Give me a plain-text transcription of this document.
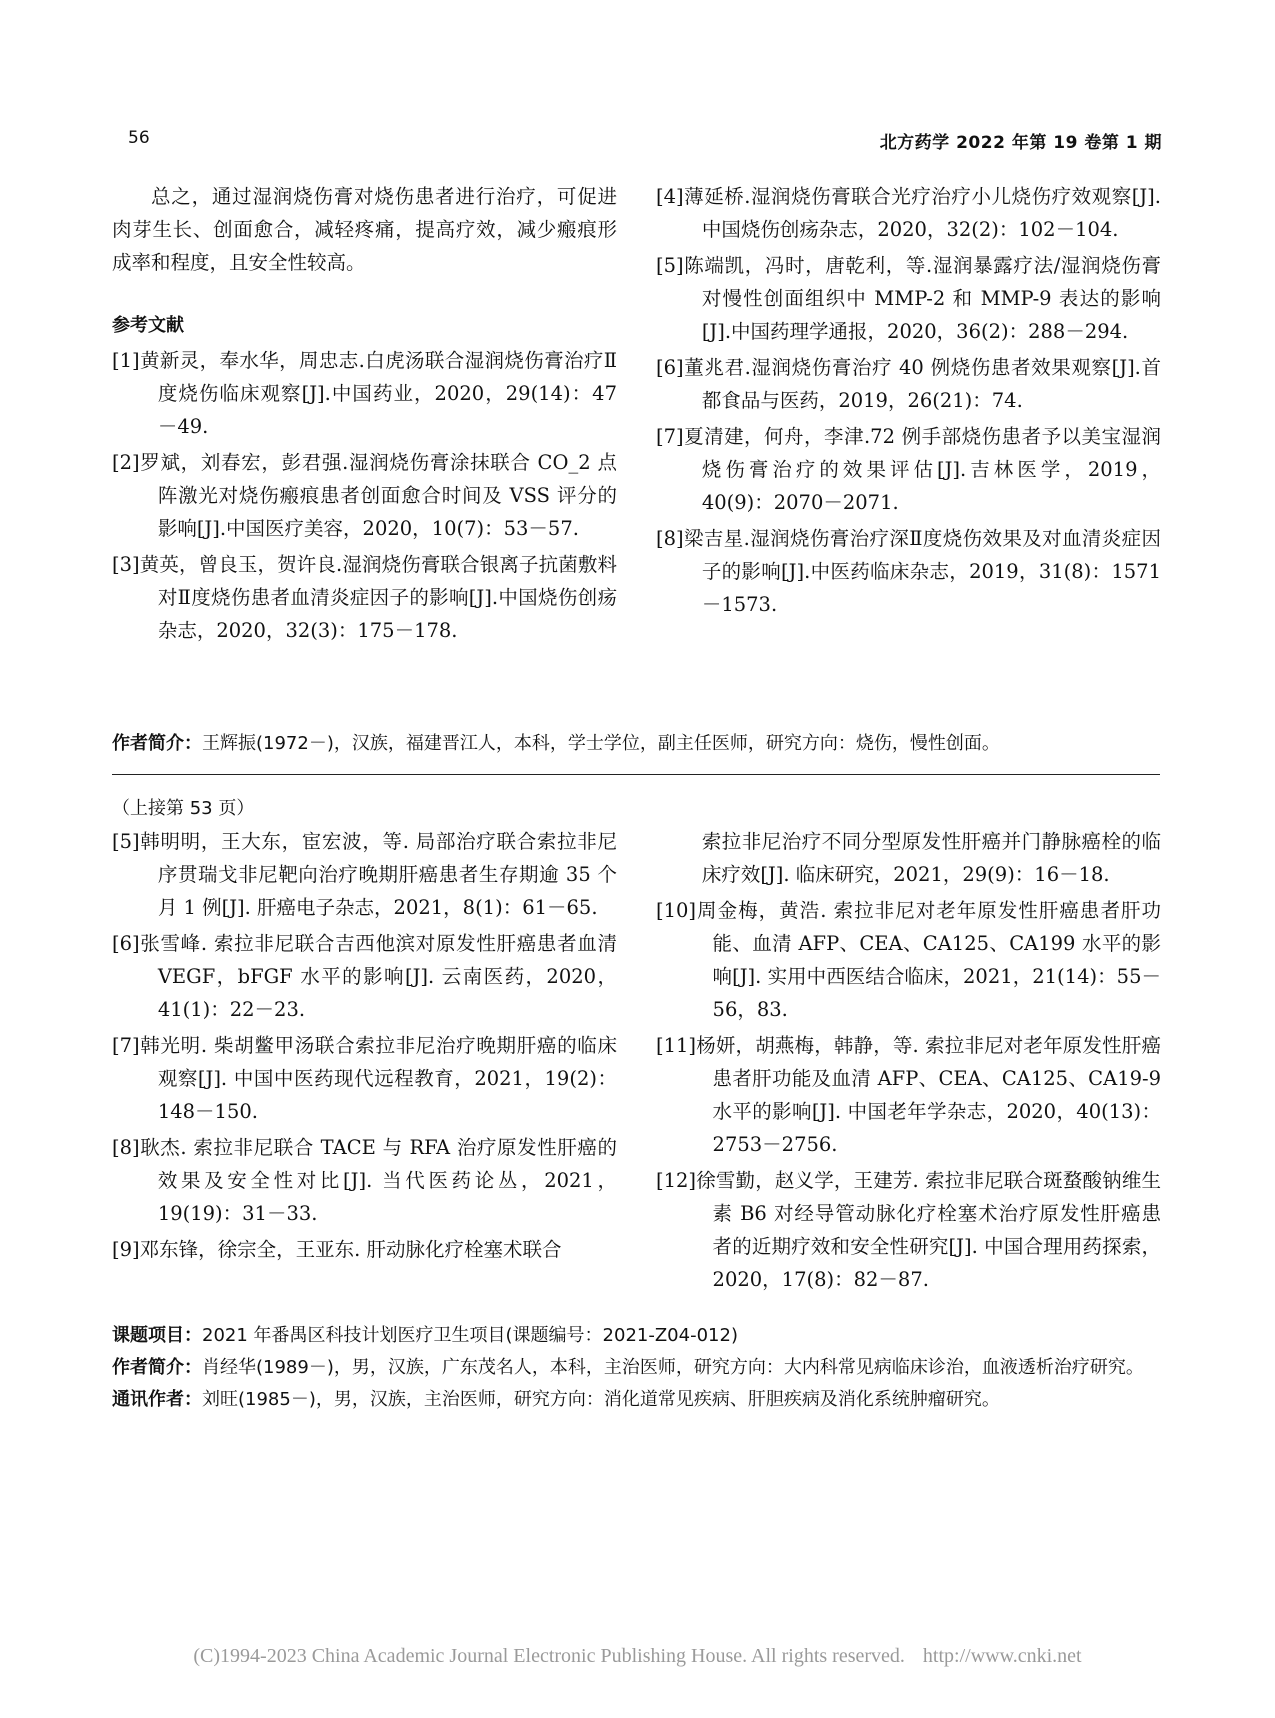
56	北方药学 2022 年第 19 卷第 1 期

总之，通过湿润烧伤膏对烧伤患者进行治疗，可促进肉芽生长、创面愈合，减轻疼痛，提高疗效，减少瘢痕形成率和程度，且安全性较高。

参考文献

[1]黄新灵，奉水华，周忠志.白虎汤联合湿润烧伤膏治疗Ⅱ度烧伤临床观察[J].中国药业，2020，29(14)：47－49.

[2]罗斌，刘春宏，彭君强.湿润烧伤膏涂抹联合 CO_2 点阵激光对烧伤瘢痕患者创面愈合时间及 VSS 评分的影响[J].中国医疗美容，2020，10(7)：53－57.

[3]黄英，曾良玉，贺许良.湿润烧伤膏联合银离子抗菌敷料对Ⅱ度烧伤患者血清炎症因子的影响[J].中国烧伤创疡杂志，2020，32(3)：175－178.

[4]薄延桥.湿润烧伤膏联合光疗治疗小儿烧伤疗效观察[J].中国烧伤创疡杂志，2020，32(2)：102－104.

[5]陈端凯，冯时，唐乾利，等.湿润暴露疗法/湿润烧伤膏对慢性创面组织中 MMP-2 和 MMP-9 表达的影响[J].中国药理学通报，2020，36(2)：288－294.

[6]董兆君.湿润烧伤膏治疗 40 例烧伤患者效果观察[J].首都食品与医药，2019，26(21)：74.

[7]夏清建，何舟，李津.72 例手部烧伤患者予以美宝湿润烧伤膏治疗的效果评估[J].吉林医学，2019，40(9)：2070－2071.

[8]梁吉星.湿润烧伤膏治疗深Ⅱ度烧伤效果及对血清炎症因子的影响[J].中医药临床杂志，2019，31(8)：1571－1573.

作者简介：王辉振(1972－)，汉族，福建晋江人，本科，学士学位，副主任医师，研究方向：烧伤，慢性创面。
（上接第 53 页）

[5]韩明明，王大东，宦宏波，等. 局部治疗联合索拉非尼序贯瑞戈非尼靶向治疗晚期肝癌患者生存期逾 35 个月 1 例[J]. 肝癌电子杂志，2021，8(1)：61－65.

[6]张雪峰. 索拉非尼联合吉西他滨对原发性肝癌患者血清 VEGF，bFGF 水平的影响[J]. 云南医药，2020，41(1)：22－23.

[7]韩光明. 柴胡鳖甲汤联合索拉非尼治疗晚期肝癌的临床观察[J]. 中国中医药现代远程教育，2021，19(2)：148－150.

[8]耿杰. 索拉非尼联合 TACE 与 RFA 治疗原发性肝癌的效果及安全性对比[J]. 当代医药论丛，2021，19(19)：31－33.

[9]邓东锋，徐宗全，王亚东. 肝动脉化疗栓塞术联合

索拉非尼治疗不同分型原发性肝癌并门静脉癌栓的临床疗效[J]. 临床研究，2021，29(9)：16－18.

[10]周金梅，黄浩. 索拉非尼对老年原发性肝癌患者肝功能、血清 AFP、CEA、CA125、CA199 水平的影响[J]. 实用中西医结合临床，2021，21(14)：55－56，83.

[11]杨妍，胡燕梅，韩静，等. 索拉非尼对老年原发性肝癌患者肝功能及血清 AFP、CEA、CA125、CA19-9 水平的影响[J]. 中国老年学杂志，2020，40(13)：2753－2756.

[12]徐雪勤，赵义学，王建芳. 索拉非尼联合斑蝥酸钠维生素 B6 对经导管动脉化疗栓塞术治疗原发性肝癌患者的近期疗效和安全性研究[J]. 中国合理用药探索，2020，17(8)：82－87.

课题项目：2021 年番禺区科技计划医疗卫生项目(课题编号：2021-Z04-012)
作者简介：肖经华(1989－)，男，汉族，广东茂名人，本科，主治医师，研究方向：大内科常见病临床诊治，血液透析治疗研究。
通讯作者：刘旺(1985－)，男，汉族，主治医师，研究方向：消化道常见疾病、肝胆疾病及消化系统肿瘤研究。
(C)1994-2023 China Academic Journal Electronic Publishing House. All rights reserved. http://www.cnki.net
